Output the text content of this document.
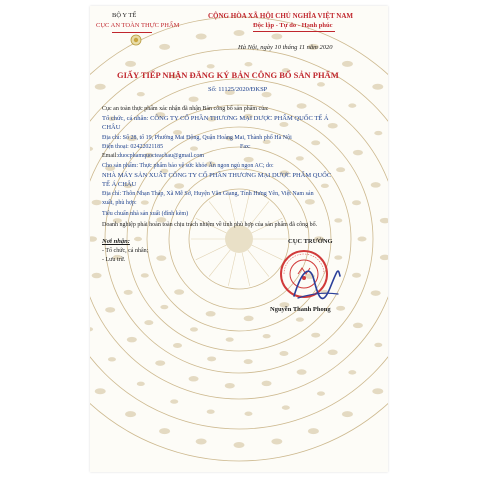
BỘ Y TẾ

CỤC AN TOÀN THỰC PHẨM

CỘNG HÒA XÃ HỘI CHỦ NGHĨA VIỆT NAM

Độc lập - Tự do - Hạnh phúc

Hà Nội, ngày 10 tháng 11 năm 2020

GIẤY TIẾP NHẬN ĐĂNG KÝ BẢN CÔNG BỐ SẢN PHẨM

Số: 11125/2020/ĐKSP

Cục an toàn thực phẩm xác nhận đã nhận Bản công bố sản phẩm của:

Tổ chức, cá nhân: CÔNG TY CỔ PHẦN THƯƠNG MẠI DƯỢC PHẨM QUỐC TẾ Á

CHÂU

Địa chỉ: Số 28, tổ 19, Phường Mai Động, Quận Hoàng Mai, Thành phố Hà Nội

Điện thoại: 02422021185	Fax:

Email:duocphamquocteachau@gmail.com

Cho sản phẩm: Thực phẩm bảo vệ sức khỏe Ăn ngon ngủ ngon AC; do:

NHÀ MÁY SẢN XUẤT CÔNG TY CỔ PHẦN THƯƠNG MẠI DƯỢC PHẨM QUỐC

TẾ Á CHÂU

Địa chỉ: Thôn Nhạn Tháp, Xã Mễ Sở, Huyện Văn Giang, Tỉnh Hưng Yên, Việt Nam sản

xuất, phù hợp:

Tiêu chuẩn nhà sản xuất (đính kèm)

Doanh nghiệp phải hoàn toàn chịu trách nhiệm về tính phù hợp của sản phẩm đã công bố.

Nơi nhận:

- Tổ chức, cá nhân;

- Lưu trữ.

CỤC TRƯỞNG

Nguyễn Thanh Phong
